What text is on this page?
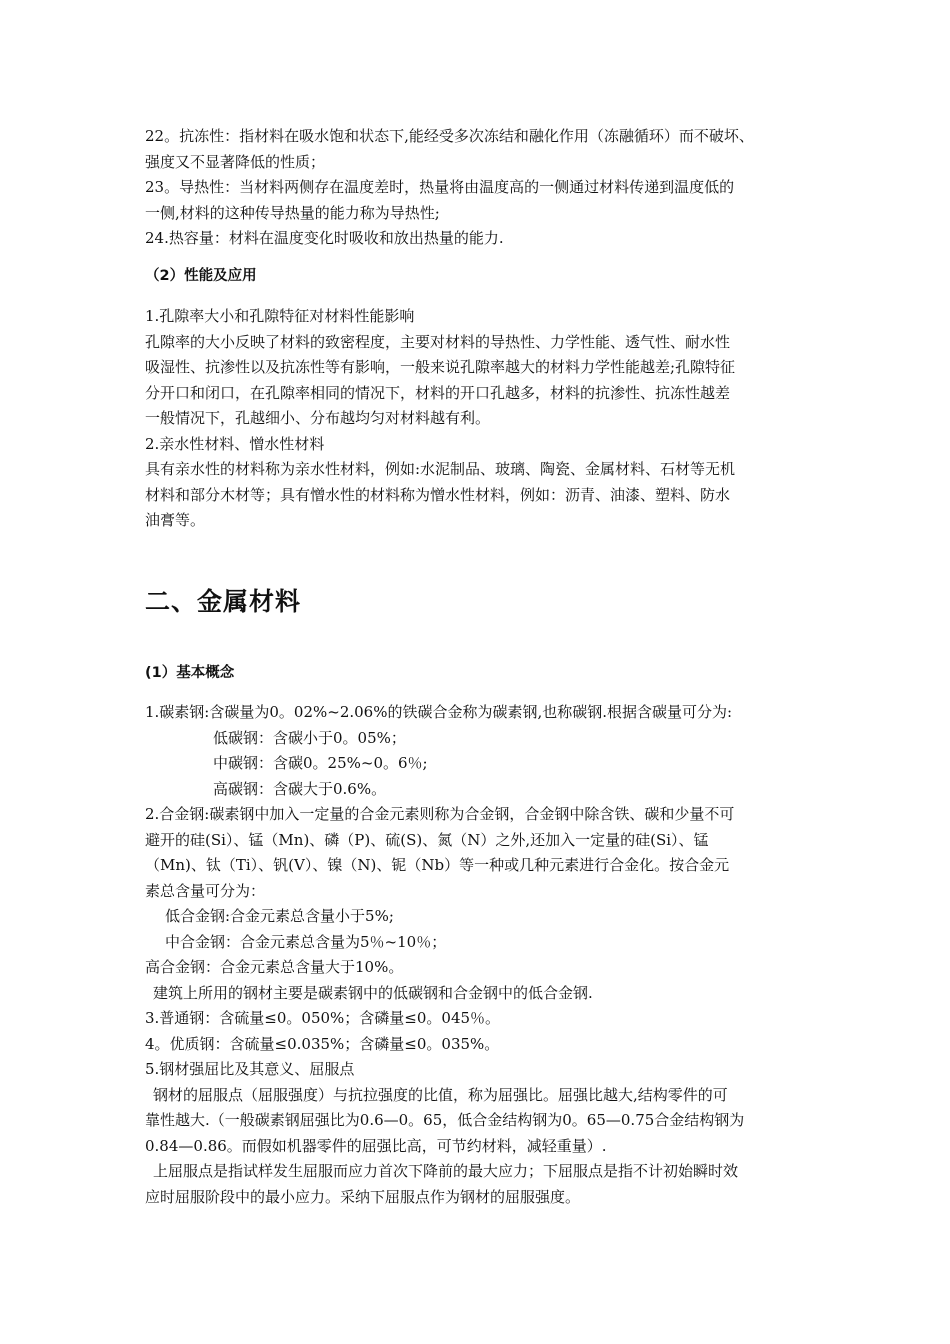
22。抗冻性：指材料在吸水饱和状态下,能经受多次冻结和融化作用（冻融循环）而不破坏、
强度又不显著降低的性质；
23。导热性：当材料两侧存在温度差时，热量将由温度高的一侧通过材料传递到温度低的
一侧,材料的这种传导热量的能力称为导热性;
24.热容量：材料在温度变化时吸收和放出热量的能力.
（2）性能及应用
1.孔隙率大小和孔隙特征对材料性能影响
孔隙率的大小反映了材料的致密程度，主要对材料的导热性、力学性能、透气性、耐水性
吸湿性、抗渗性以及抗冻性等有影响，一般来说孔隙率越大的材料力学性能越差;孔隙特征
分开口和闭口，在孔隙率相同的情况下，材料的开口孔越多，材料的抗渗性、抗冻性越差
一般情况下，孔越细小、分布越均匀对材料越有利。
2.亲水性材料、憎水性材料
具有亲水性的材料称为亲水性材料，例如:水泥制品、玻璃、陶瓷、金属材料、石材等无机
材料和部分木材等；具有憎水性的材料称为憎水性材料，例如：沥青、油漆、塑料、防水
油膏等。
二、金属材料
(1）基本概念
1.碳素钢:含碳量为0。02%~2.06%的铁碳合金称为碳素钢,也称碳钢.根据含碳量可分为:
低碳钢：含碳小于0。05%；
中碳钢：含碳0。25%~0。6％;
高碳钢：含碳大于0.6%。
2.合金钢:碳素钢中加入一定量的合金元素则称为合金钢，合金钢中除含铁、碳和少量不可
避开的硅(Si）、锰（Mn)、磷（P)、硫(S)、氮（N）之外,还加入一定量的硅(Si）、锰
（Mn)、钛（Ti）、钒(V）、镍（N)、铌（Nb）等一种或几种元素进行合金化。按合金元
素总含量可分为：
低合金钢:合金元素总含量小于5%;
中合金钢：合金元素总含量为5％~10％；
高合金钢：合金元素总含量大于10%。
建筑上所用的钢材主要是碳素钢中的低碳钢和合金钢中的低合金钢.
3.普通钢：含硫量≤0。050%；含磷量≤0。045％。
4。优质钢：含硫量≤0.035%；含磷量≤0。035%。
5.钢材强屈比及其意义、屈服点
钢材的屈服点（屈服强度）与抗拉强度的比值，称为屈强比。屈强比越大,结构零件的可
靠性越大.（一般碳素钢屈强比为0.6—0。65，低合金结构钢为0。65—0.75合金结构钢为
0.84—0.86。而假如机器零件的屈强比高，可节约材料，减轻重量）.
上屈服点是指试样发生屈服而应力首次下降前的最大应力；下屈服点是指不计初始瞬时效
应时屈服阶段中的最小应力。采纳下屈服点作为钢材的屈服强度。
